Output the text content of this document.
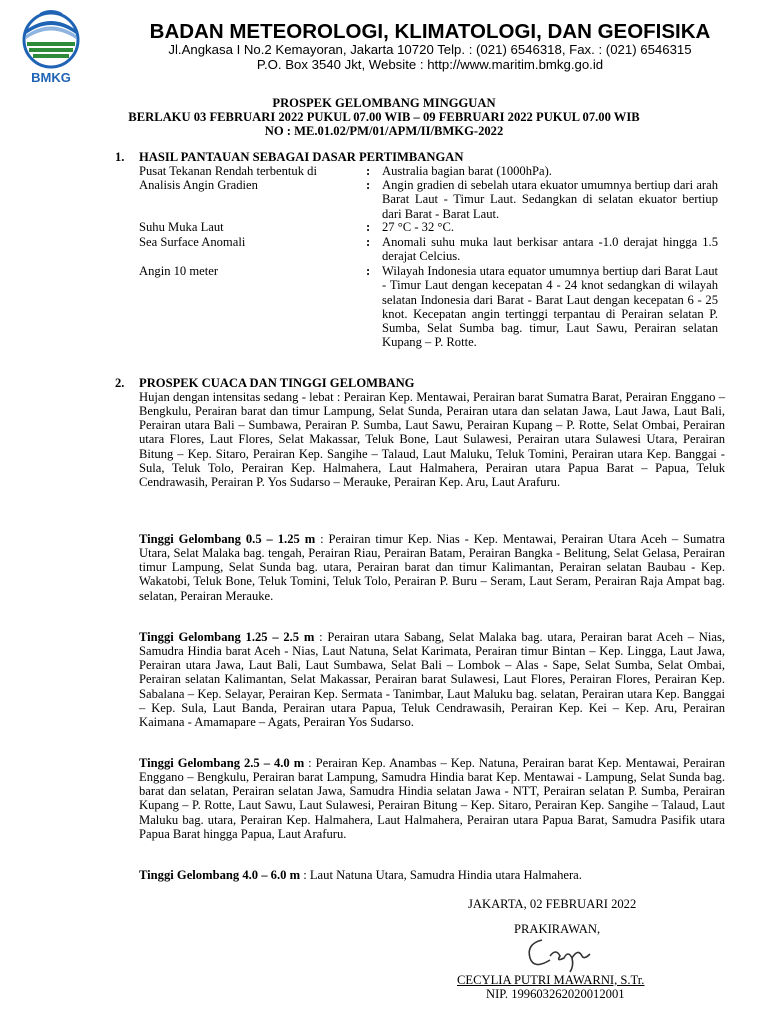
BMKG
BADAN METEOROLOGI, KLIMATOLOGI, DAN GEOFISIKA
Jl.Angkasa I No.2 Kemayoran, Jakarta 10720 Telp. : (021) 6546318, Fax. : (021) 6546315
P.O. Box 3540 Jkt, Website : http://www.maritim.bmkg.go.id
PROSPEK GELOMBANG MINGGUAN
BERLAKU 03 FEBRUARI 2022 PUKUL 07.00 WIB – 09 FEBRUARI 2022 PUKUL 07.00 WIB
NO : ME.01.02/PM/01/APM/II/BMKG-2022
1. HASIL PANTAUAN SEBAGAI DASAR PERTIMBANGAN
Pusat Tekanan Rendah terbentuk di	: Australia bagian barat (1000hPa).
Analisis Angin Gradien	: Angin gradien di sebelah utara ekuator umumnya bertiup dari arah Barat Laut - Timur Laut. Sedangkan di selatan ekuator bertiup dari Barat - Barat Laut.
Suhu Muka Laut	: 27 °C - 32 °C.
Sea Surface Anomali	: Anomali suhu muka laut berkisar antara -1.0 derajat hingga 1.5 derajat Celcius.
Angin 10 meter	: Wilayah Indonesia utara equator umumnya bertiup dari Barat Laut - Timur Laut dengan kecepatan 4 - 24 knot sedangkan di wilayah selatan Indonesia dari Barat - Barat Laut dengan kecepatan 6 - 25 knot. Kecepatan angin tertinggi terpantau di Perairan selatan P. Sumba, Selat Sumba bag. timur, Laut Sawu, Perairan selatan Kupang – P. Rotte.
2. PROSPEK CUACA DAN TINGGI GELOMBANG
Hujan dengan intensitas sedang - lebat : Perairan Kep. Mentawai, Perairan barat Sumatra Barat, Perairan Enggano – Bengkulu, Perairan barat dan timur Lampung, Selat Sunda, Perairan utara dan selatan Jawa, Laut Jawa, Laut Bali, Perairan utara Bali – Sumbawa, Perairan P. Sumba, Laut Sawu, Perairan Kupang – P. Rotte, Selat Ombai, Perairan utara Flores, Laut Flores, Selat Makassar, Teluk Bone, Laut Sulawesi, Perairan utara Sulawesi Utara, Perairan Bitung – Kep. Sitaro, Perairan Kep. Sangihe – Talaud, Laut Maluku, Teluk Tomini, Perairan utara Kep. Banggai - Sula, Teluk Tolo, Perairan Kep. Halmahera, Laut Halmahera, Perairan utara Papua Barat – Papua, Teluk Cendrawasih, Perairan P. Yos Sudarso – Merauke, Perairan Kep. Aru, Laut Arafuru.
Tinggi Gelombang 0.5 – 1.25 m : Perairan timur Kep. Nias - Kep. Mentawai, Perairan Utara Aceh – Sumatra Utara, Selat Malaka bag. tengah, Perairan Riau, Perairan Batam, Perairan Bangka - Belitung, Selat Gelasa, Perairan timur Lampung, Selat Sunda bag. utara, Perairan barat dan timur Kalimantan, Perairan selatan Baubau - Kep. Wakatobi, Teluk Bone, Teluk Tomini, Teluk Tolo, Perairan P. Buru – Seram, Laut Seram, Perairan Raja Ampat bag. selatan, Perairan Merauke.
Tinggi Gelombang 1.25 – 2.5 m : Perairan utara Sabang, Selat Malaka bag. utara, Perairan barat Aceh – Nias, Samudra Hindia barat Aceh - Nias, Laut Natuna, Selat Karimata, Perairan timur Bintan – Kep. Lingga, Laut Jawa, Perairan utara Jawa, Laut Bali, Laut Sumbawa, Selat Bali – Lombok – Alas - Sape, Selat Sumba, Selat Ombai, Perairan selatan Kalimantan, Selat Makassar, Perairan barat Sulawesi, Laut Flores, Perairan Flores, Perairan Kep. Sabalana – Kep. Selayar, Perairan Kep. Sermata - Tanimbar, Laut Maluku bag. selatan, Perairan utara Kep. Banggai – Kep. Sula, Laut Banda, Perairan utara Papua, Teluk Cendrawasih, Perairan Kep. Kei – Kep. Aru, Perairan Kaimana - Amamapare – Agats, Perairan Yos Sudarso.
Tinggi Gelombang 2.5 – 4.0 m : Perairan Kep. Anambas – Kep. Natuna, Perairan barat Kep. Mentawai, Perairan Enggano – Bengkulu, Perairan barat Lampung, Samudra Hindia barat Kep. Mentawai - Lampung, Selat Sunda bag. barat dan selatan, Perairan selatan Jawa, Samudra Hindia selatan Jawa - NTT, Perairan selatan P. Sumba, Perairan Kupang – P. Rotte, Laut Sawu, Laut Sulawesi, Perairan Bitung – Kep. Sitaro, Perairan Kep. Sangihe – Talaud, Laut Maluku bag. utara, Perairan Kep. Halmahera, Laut Halmahera, Perairan utara Papua Barat, Samudra Pasifik utara Papua Barat hingga Papua, Laut Arafuru.
Tinggi Gelombang 4.0 – 6.0 m : Laut Natuna Utara, Samudra Hindia utara Halmahera.
JAKARTA, 02 FEBRUARI 2022
PRAKIRAWAN,
CECYLIA PUTRI MAWARNI, S.Tr.
NIP. 199603262020012001
